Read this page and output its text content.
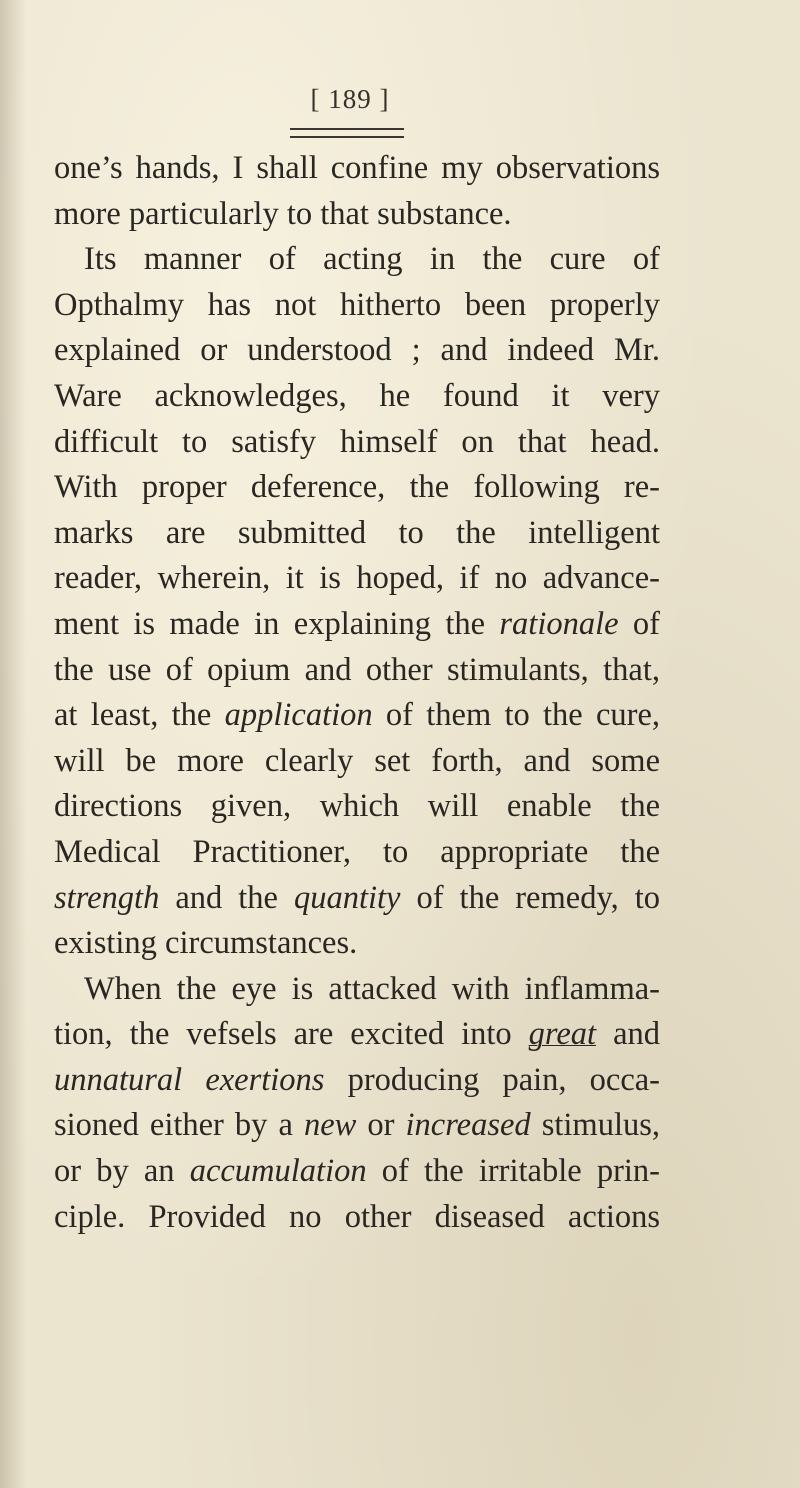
[ 189 ]
one’s hands, I shall confine my observations
more particularly to that substance.
Its manner of acting in the cure of
Opthalmy has not hitherto been properly
explained or understood ; and indeed Mr.
Ware acknowledges, he found it very
difficult to satisfy himself on that head.
With proper deference, the following re-
marks are submitted to the intelligent
reader, wherein, it is hoped, if no advance-
ment is made in explaining the rationale of
the use of opium and other stimulants, that,
at least, the application of them to the cure,
will be more clearly set forth, and some
directions given, which will enable the
Medical Practitioner, to appropriate the
strength and the quantity of the remedy, to
existing circumstances.
When the eye is attacked with inflamma-
tion, the vefsels are excited into great and
unnatural exertions producing pain, occa-
sioned either by a new or increased stimulus,
or by an accumulation of the irritable prin-
ciple. Provided no other diseased actions
